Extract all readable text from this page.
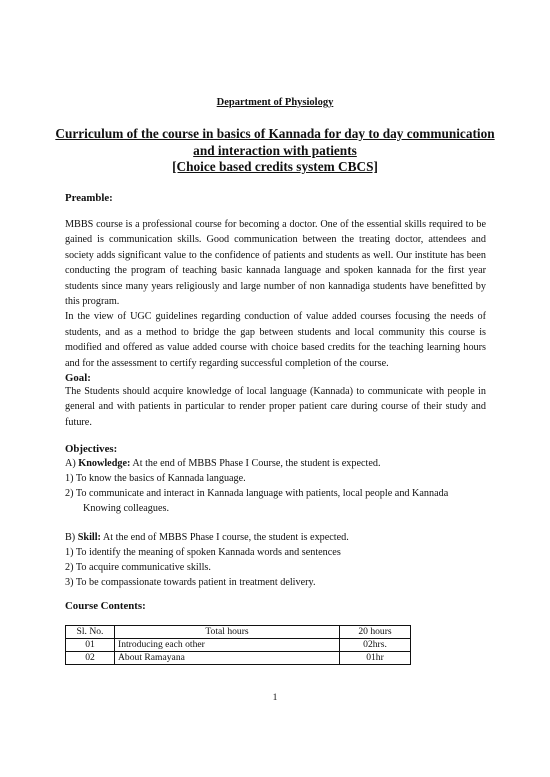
Department of Physiology
Curriculum of the course in basics of Kannada for day to day communication
and interaction with patients
[Choice based credits system CBCS]
Preamble:

MBBS course is a professional course for becoming a doctor. One of the essential skills required to be gained is communication skills. Good communication between the treating doctor, attendees and society adds significant value to the confidence of patients and students as well. Our institute has been conducting the program of teaching basic kannada language and spoken kannada for the first year students since many years religiously and large number of non kannadiga students have benefitted by this program.

In the view of UGC guidelines regarding conduction of value added courses focusing the needs of students, and as a method to bridge the gap between students and local community this course is modified and offered as value added course with choice based credits for the teaching learning hours and for the assessment to certify regarding successful completion of the course.

Goal:
The Students should acquire knowledge of local language (Kannada) to communicate with people in general and with patients in particular to render proper patient care during course of their study and future.
Objectives:
A) Knowledge: At the end of MBBS Phase I Course, the student is expected.
1) To know the basics of Kannada language.
2) To communicate and interact in Kannada language with patients, local people and Kannada
Knowing colleagues.
B) Skill: At the end of MBBS Phase I course, the student is expected.
1) To identify the meaning of spoken Kannada words and sentences
2) To acquire communicative skills.
3) To be compassionate towards patient in treatment delivery.
Course Contents:
Sl. No.	Total hours	20 hours
01	Introducing each other	02hrs.
02	About Ramayana	01hr
1
